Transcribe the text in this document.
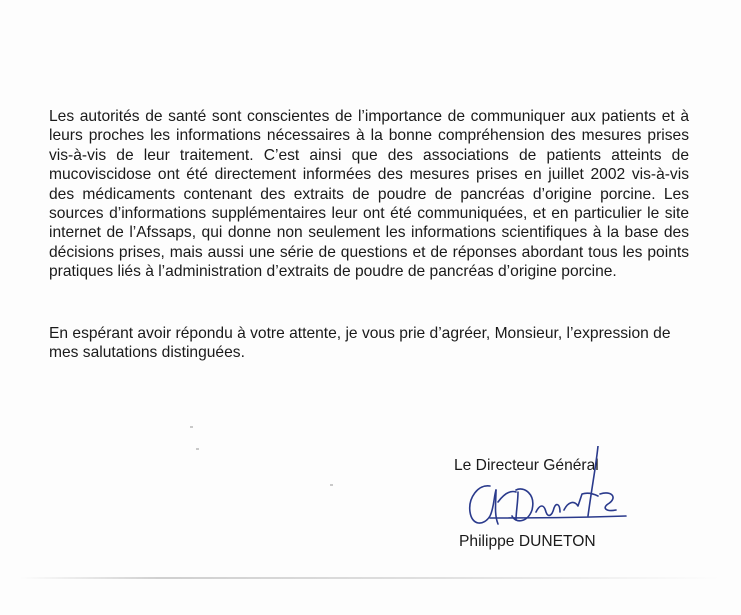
Les autorités de santé sont conscientes de l’importance de communiquer aux patients et à leurs proches les informations nécessaires à la bonne compréhension des mesures prises vis-à-vis de leur traitement. C’est ainsi que des associations de patients atteints de mucoviscidose ont été directement informées des mesures prises en juillet 2002 vis-à-vis des médicaments contenant des extraits de poudre de pancréas d’origine porcine. Les sources d’informations supplémentaires leur ont été communiquées, et en particulier le site internet de l’Afssaps, qui donne non seulement les informations scientifiques à la base des décisions prises, mais aussi une série de questions et de réponses abordant tous les points pratiques liés à l’administration d’extraits de poudre de pancréas d’origine porcine.

En espérant avoir répondu à votre attente, je vous prie d’agréer, Monsieur, l’expression de mes salutations distinguées.

Le Directeur Général
Philippe DUNETON
